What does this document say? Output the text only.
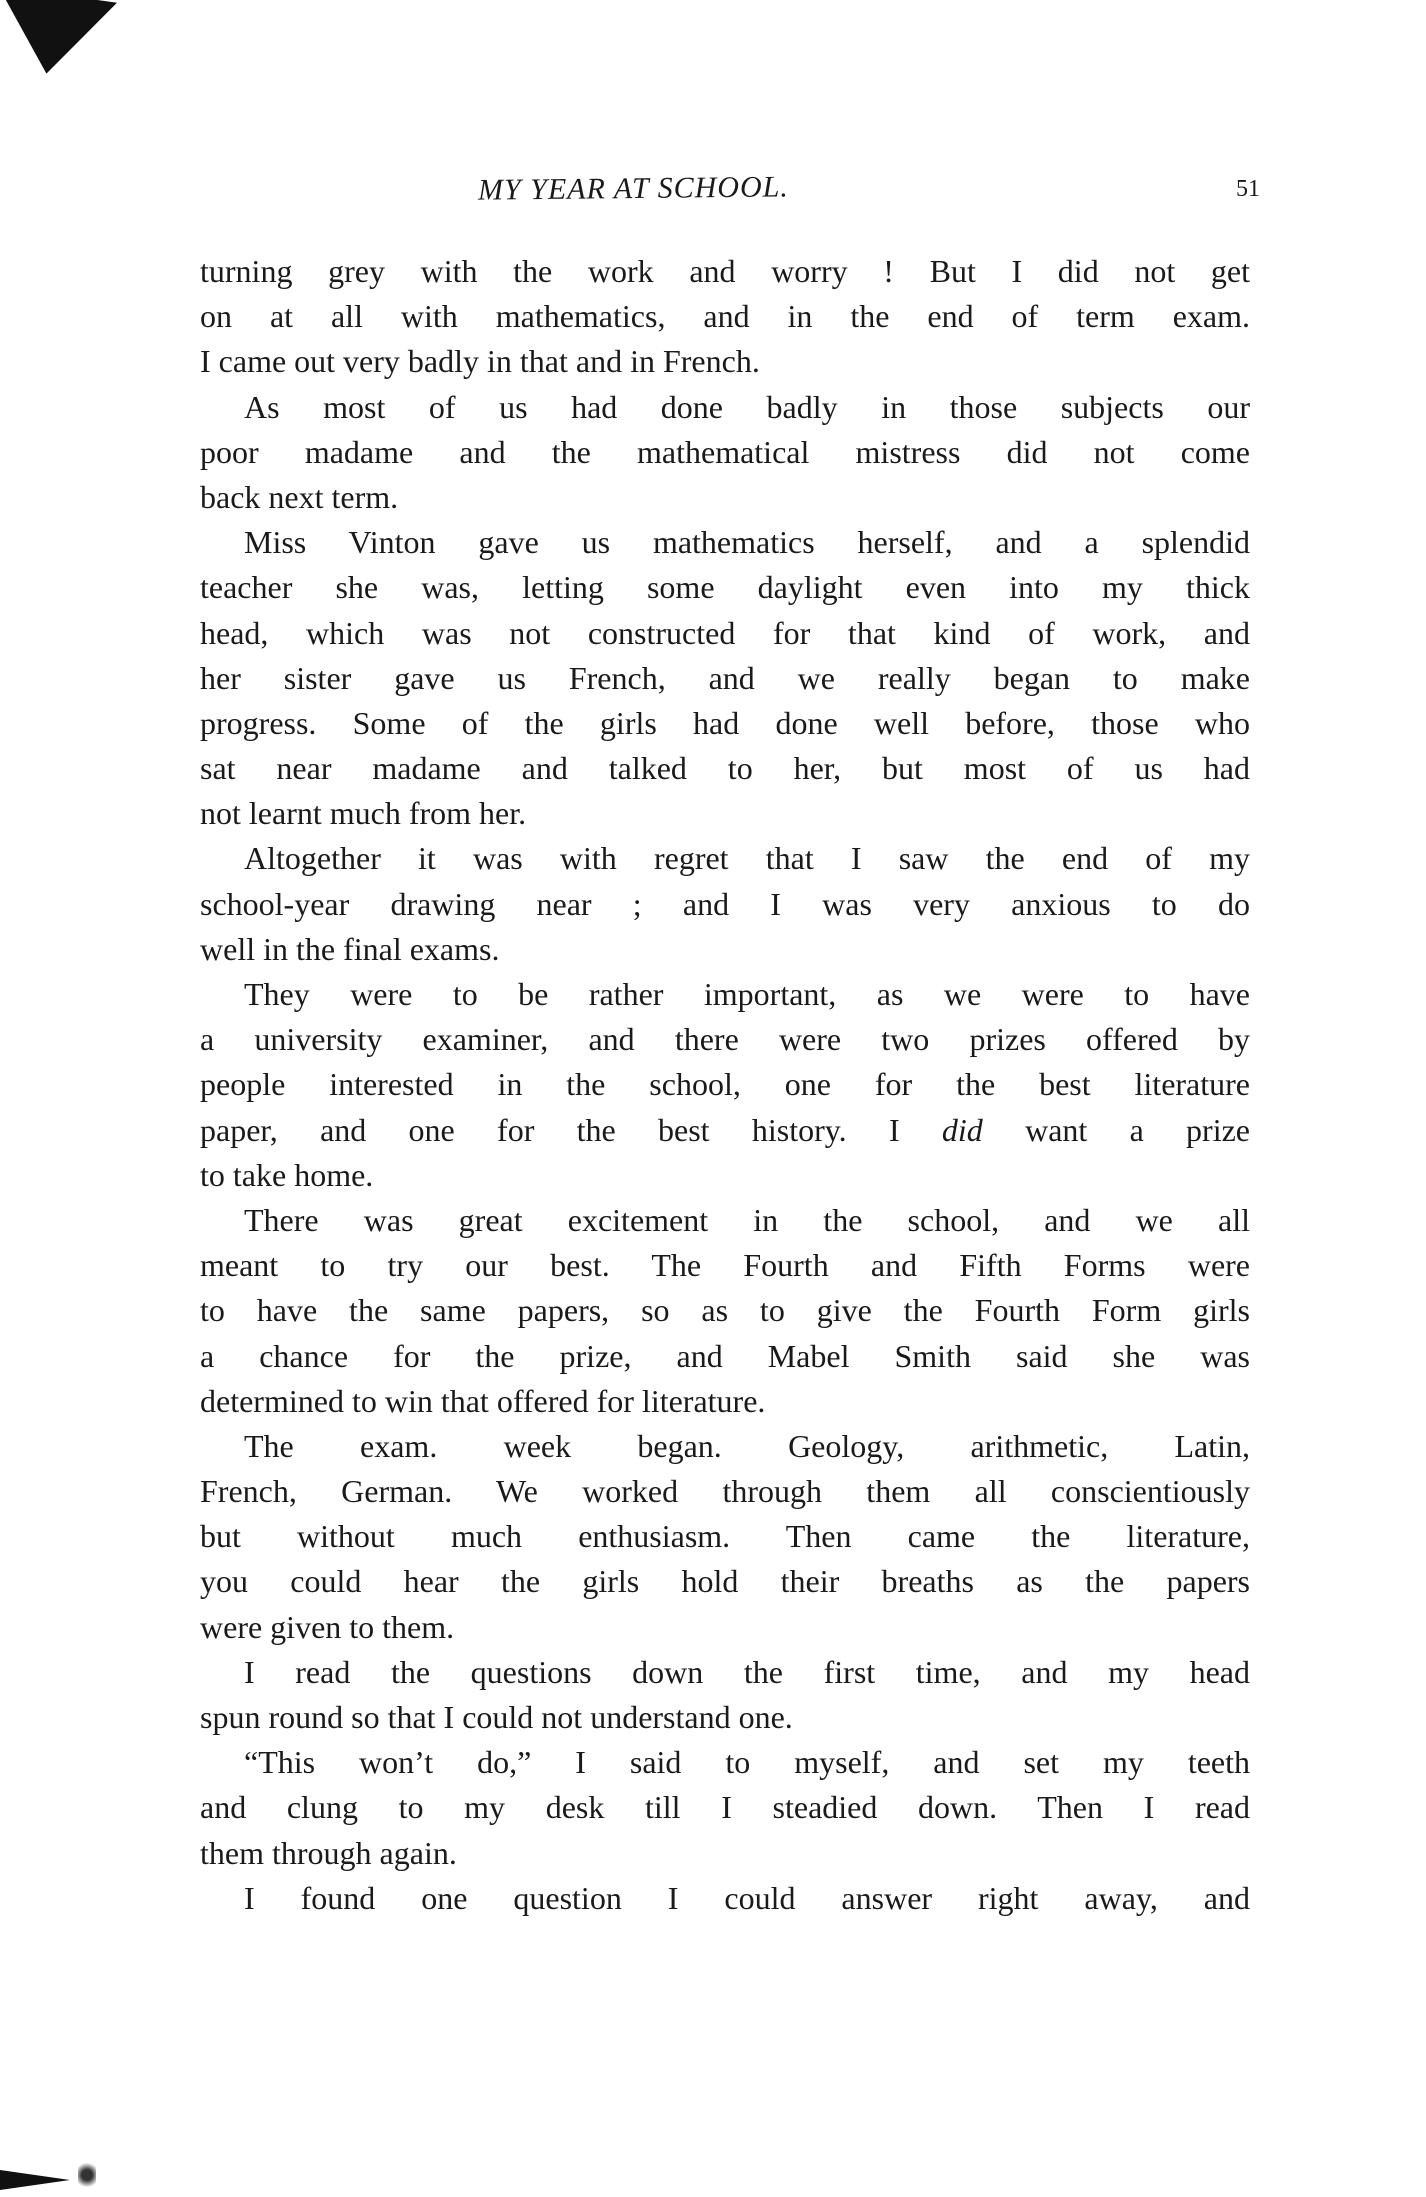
MY YEAR AT SCHOOL.	51
turning grey with the work and worry ! But I did not get
on at all with mathematics, and in the end of term exam.
I came out very badly in that and in French.
As most of us had done badly in those subjects our
poor madame and the mathematical mistress did not come
back next term.
Miss Vinton gave us mathematics herself, and a splendid
teacher she was, letting some daylight even into my thick
head, which was not constructed for that kind of work, and
her sister gave us French, and we really began to make
progress. Some of the girls had done well before, those who
sat near madame and talked to her, but most of us had
not learnt much from her.
Altogether it was with regret that I saw the end of my
school-year drawing near ; and I was very anxious to do
well in the final exams.
They were to be rather important, as we were to have
a university examiner, and there were two prizes offered by
people interested in the school, one for the best literature
paper, and one for the best history. I did want a prize
to take home.
There was great excitement in the school, and we all
meant to try our best. The Fourth and Fifth Forms were
to have the same papers, so as to give the Fourth Form girls
a chance for the prize, and Mabel Smith said she was
determined to win that offered for literature.
The exam. week began. Geology, arithmetic, Latin,
French, German. We worked through them all conscientiously
but without much enthusiasm. Then came the literature,
you could hear the girls hold their breaths as the papers
were given to them.
I read the questions down the first time, and my head
spun round so that I could not understand one.
“This won’t do,” I said to myself, and set my teeth
and clung to my desk till I steadied down. Then I read
them through again.
I found one question I could answer right away, and
